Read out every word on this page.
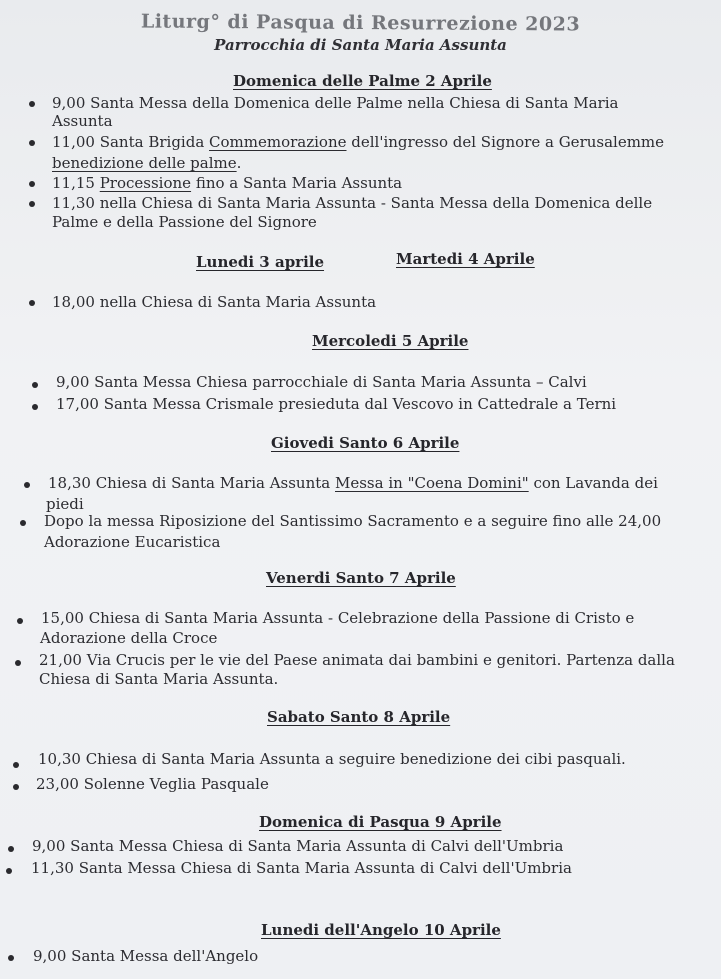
Liturg° di Pasqua di Resurrezione 2023
Parrocchia di Santa Maria Assunta
Domenica delle Palme 2 Aprile
9,00 Santa Messa della Domenica delle Palme nella Chiesa di Santa Maria
Assunta
11,00 Santa Brigida Commemorazione dell'ingresso del Signore a Gerusalemme
benedizione delle palme.
11,15 Processione fino a Santa Maria Assunta
11,30 nella Chiesa di Santa Maria Assunta - Santa Messa della Domenica delle
Palme e della Passione del Signore
Lunedi 3 aprile	Martedi 4 Aprile
18,00 nella Chiesa di Santa Maria Assunta
Mercoledi 5 Aprile
9,00 Santa Messa Chiesa parrocchiale di Santa Maria Assunta – Calvi
17,00 Santa Messa Crismale presieduta dal Vescovo in Cattedrale a Terni
Giovedi Santo 6 Aprile
18,30 Chiesa di Santa Maria Assunta Messa in "Coena Domini" con Lavanda dei
piedi
Dopo la messa Riposizione del Santissimo Sacramento e a seguire fino alle 24,00
Adorazione Eucaristica
Venerdi Santo 7 Aprile
15,00 Chiesa di Santa Maria Assunta - Celebrazione della Passione di Cristo e
Adorazione della Croce
21,00 Via Crucis per le vie del Paese animata dai bambini e genitori. Partenza dalla
Chiesa di Santa Maria Assunta.
Sabato Santo 8 Aprile
10,30 Chiesa di Santa Maria Assunta a seguire benedizione dei cibi pasquali.
23,00 Solenne Veglia Pasquale
Domenica di Pasqua 9 Aprile
9,00 Santa Messa Chiesa di Santa Maria Assunta di Calvi dell'Umbria
11,30 Santa Messa Chiesa di Santa Maria Assunta di Calvi dell'Umbria
Lunedi dell'Angelo 10 Aprile
9,00 Santa Messa dell'Angelo
